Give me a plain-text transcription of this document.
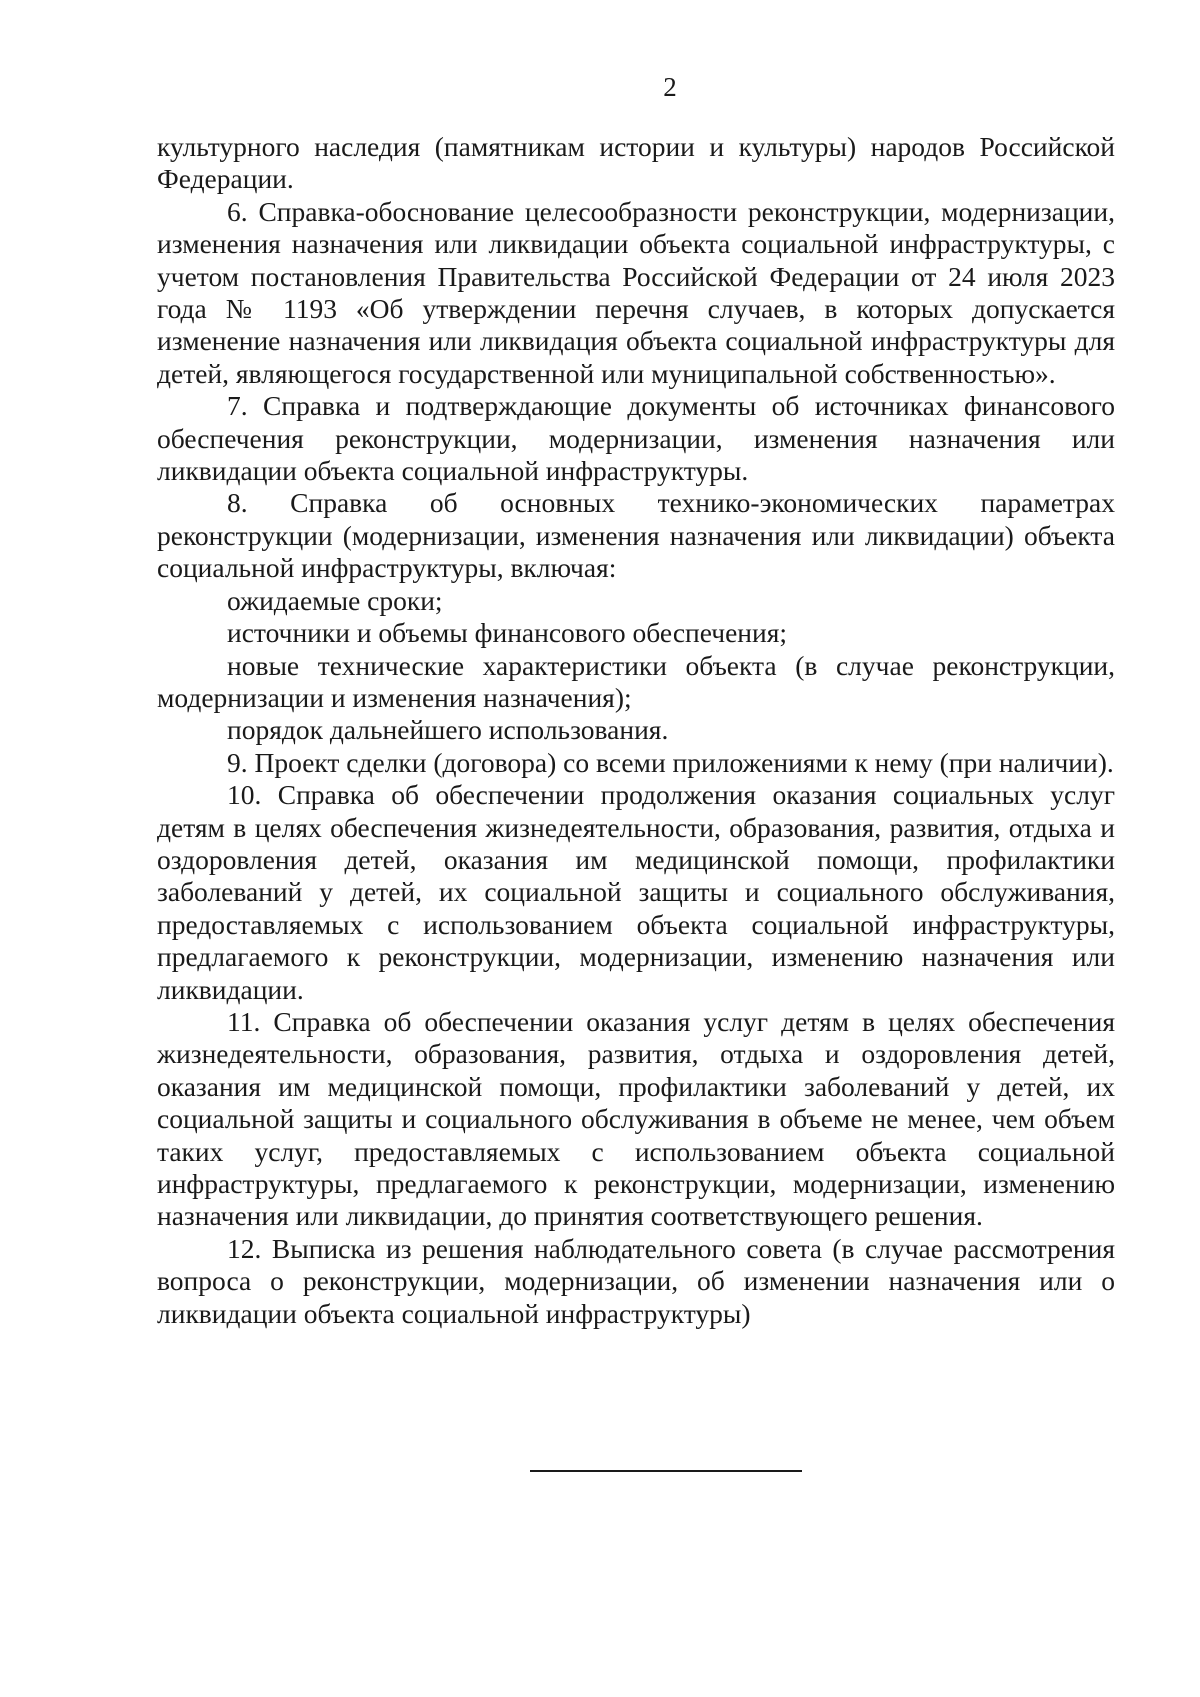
2

культурного наследия (памятникам истории и культуры) народов Российской Федерации.

6. Справка-обоснование целесообразности реконструкции, модернизации, изменения назначения или ликвидации объекта социальной инфраструктуры, с учетом постановления Правительства Российской Федерации от 24 июля 2023 года № 1193 «Об утверждении перечня случаев, в которых допускается изменение назначения или ликвидация объекта социальной инфраструктуры для детей, являющегося государственной или муниципальной собственностью».

7. Справка и подтверждающие документы об источниках финансового обеспечения реконструкции, модернизации, изменения назначения или ликвидации объекта социальной инфраструктуры.

8. Справка об основных технико-экономических параметрах реконструкции (модернизации, изменения назначения или ликвидации) объекта социальной инфраструктуры, включая:

ожидаемые сроки;

источники и объемы финансового обеспечения;

новые технические характеристики объекта (в случае реконструкции, модернизации и изменения назначения);

порядок дальнейшего использования.

9. Проект сделки (договора) со всеми приложениями к нему (при наличии).

10. Справка об обеспечении продолжения оказания социальных услуг детям в целях обеспечения жизнедеятельности, образования, развития, отдыха и оздоровления детей, оказания им медицинской помощи, профилактики заболеваний у детей, их социальной защиты и социального обслуживания, предоставляемых с использованием объекта социальной инфраструктуры, предлагаемого к реконструкции, модернизации, изменению назначения или ликвидации.

11. Справка об обеспечении оказания услуг детям в целях обеспечения жизнедеятельности, образования, развития, отдыха и оздоровления детей, оказания им медицинской помощи, профилактики заболеваний у детей, их социальной защиты и социального обслуживания в объеме не менее, чем объем таких услуг, предоставляемых с использованием объекта социальной инфраструктуры, предлагаемого к реконструкции, модернизации, изменению назначения или ликвидации, до принятия соответствующего решения.

12. Выписка из решения наблюдательного совета (в случае рассмотрения вопроса о реконструкции, модернизации, об изменении назначения или о ликвидации объекта социальной инфраструктуры)
